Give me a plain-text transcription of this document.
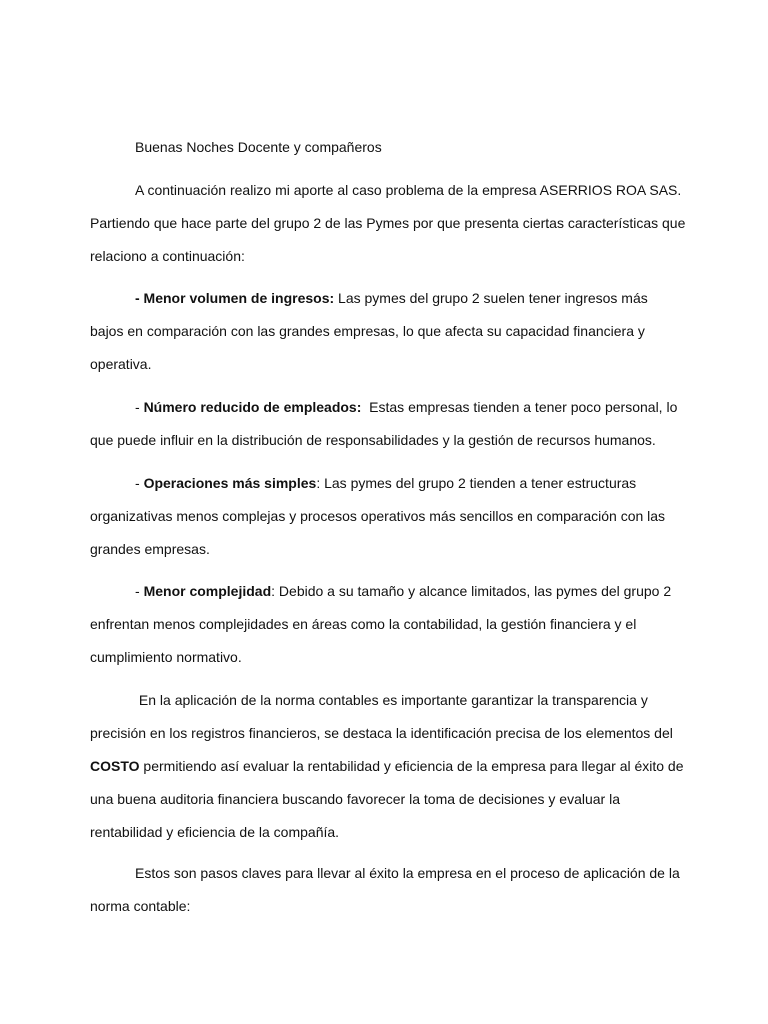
Buenas Noches Docente y compañeros

A continuación realizo mi aporte al caso problema de la empresa ASERRIOS ROA SAS.
Partiendo que hace parte del grupo 2 de las Pymes por que presenta ciertas características que
relaciono a continuación:

- Menor volumen de ingresos: Las pymes del grupo 2 suelen tener ingresos más
bajos en comparación con las grandes empresas, lo que afecta su capacidad financiera y
operativa.

- Número reducido de empleados:  Estas empresas tienden a tener poco personal, lo
que puede influir en la distribución de responsabilidades y la gestión de recursos humanos.

- Operaciones más simples: Las pymes del grupo 2 tienden a tener estructuras
organizativas menos complejas y procesos operativos más sencillos en comparación con las
grandes empresas.

- Menor complejidad: Debido a su tamaño y alcance limitados, las pymes del grupo 2
enfrentan menos complejidades en áreas como la contabilidad, la gestión financiera y el
cumplimiento normativo.

En la aplicación de la norma contables es importante garantizar la transparencia y
precisión en los registros financieros, se destaca la identificación precisa de los elementos del
COSTO permitiendo así evaluar la rentabilidad y eficiencia de la empresa para llegar al éxito de
una buena auditoria financiera buscando favorecer la toma de decisiones y evaluar la
rentabilidad y eficiencia de la compañía.

Estos son pasos claves para llevar al éxito la empresa en el proceso de aplicación de la
norma contable:
